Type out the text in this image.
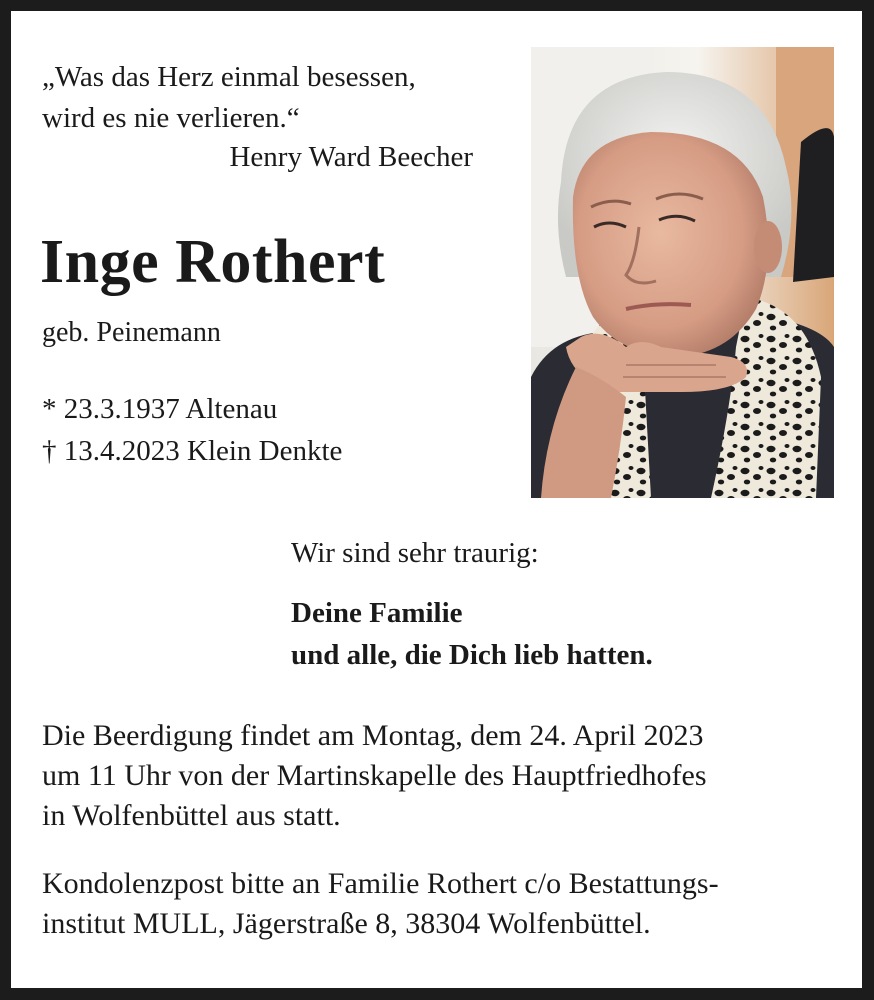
„Was das Herz einmal besessen,

wird es nie verlieren.“

Henry Ward Beecher

Inge Rothert

geb. Peinemann

* 23.3.1937 Altenau

† 13.4.2023 Klein Denkte

Wir sind sehr traurig:

Deine Familie

und alle, die Dich lieb hatten.

Die Beerdigung findet am Montag, dem 24. April 2023

um 11 Uhr von der Martinskapelle des Hauptfriedhofes

in Wolfenbüttel aus statt.

Kondolenzpost bitte an Familie Rothert c/o Bestattungs-

institut MULL, Jägerstraße 8, 38304 Wolfenbüttel.
